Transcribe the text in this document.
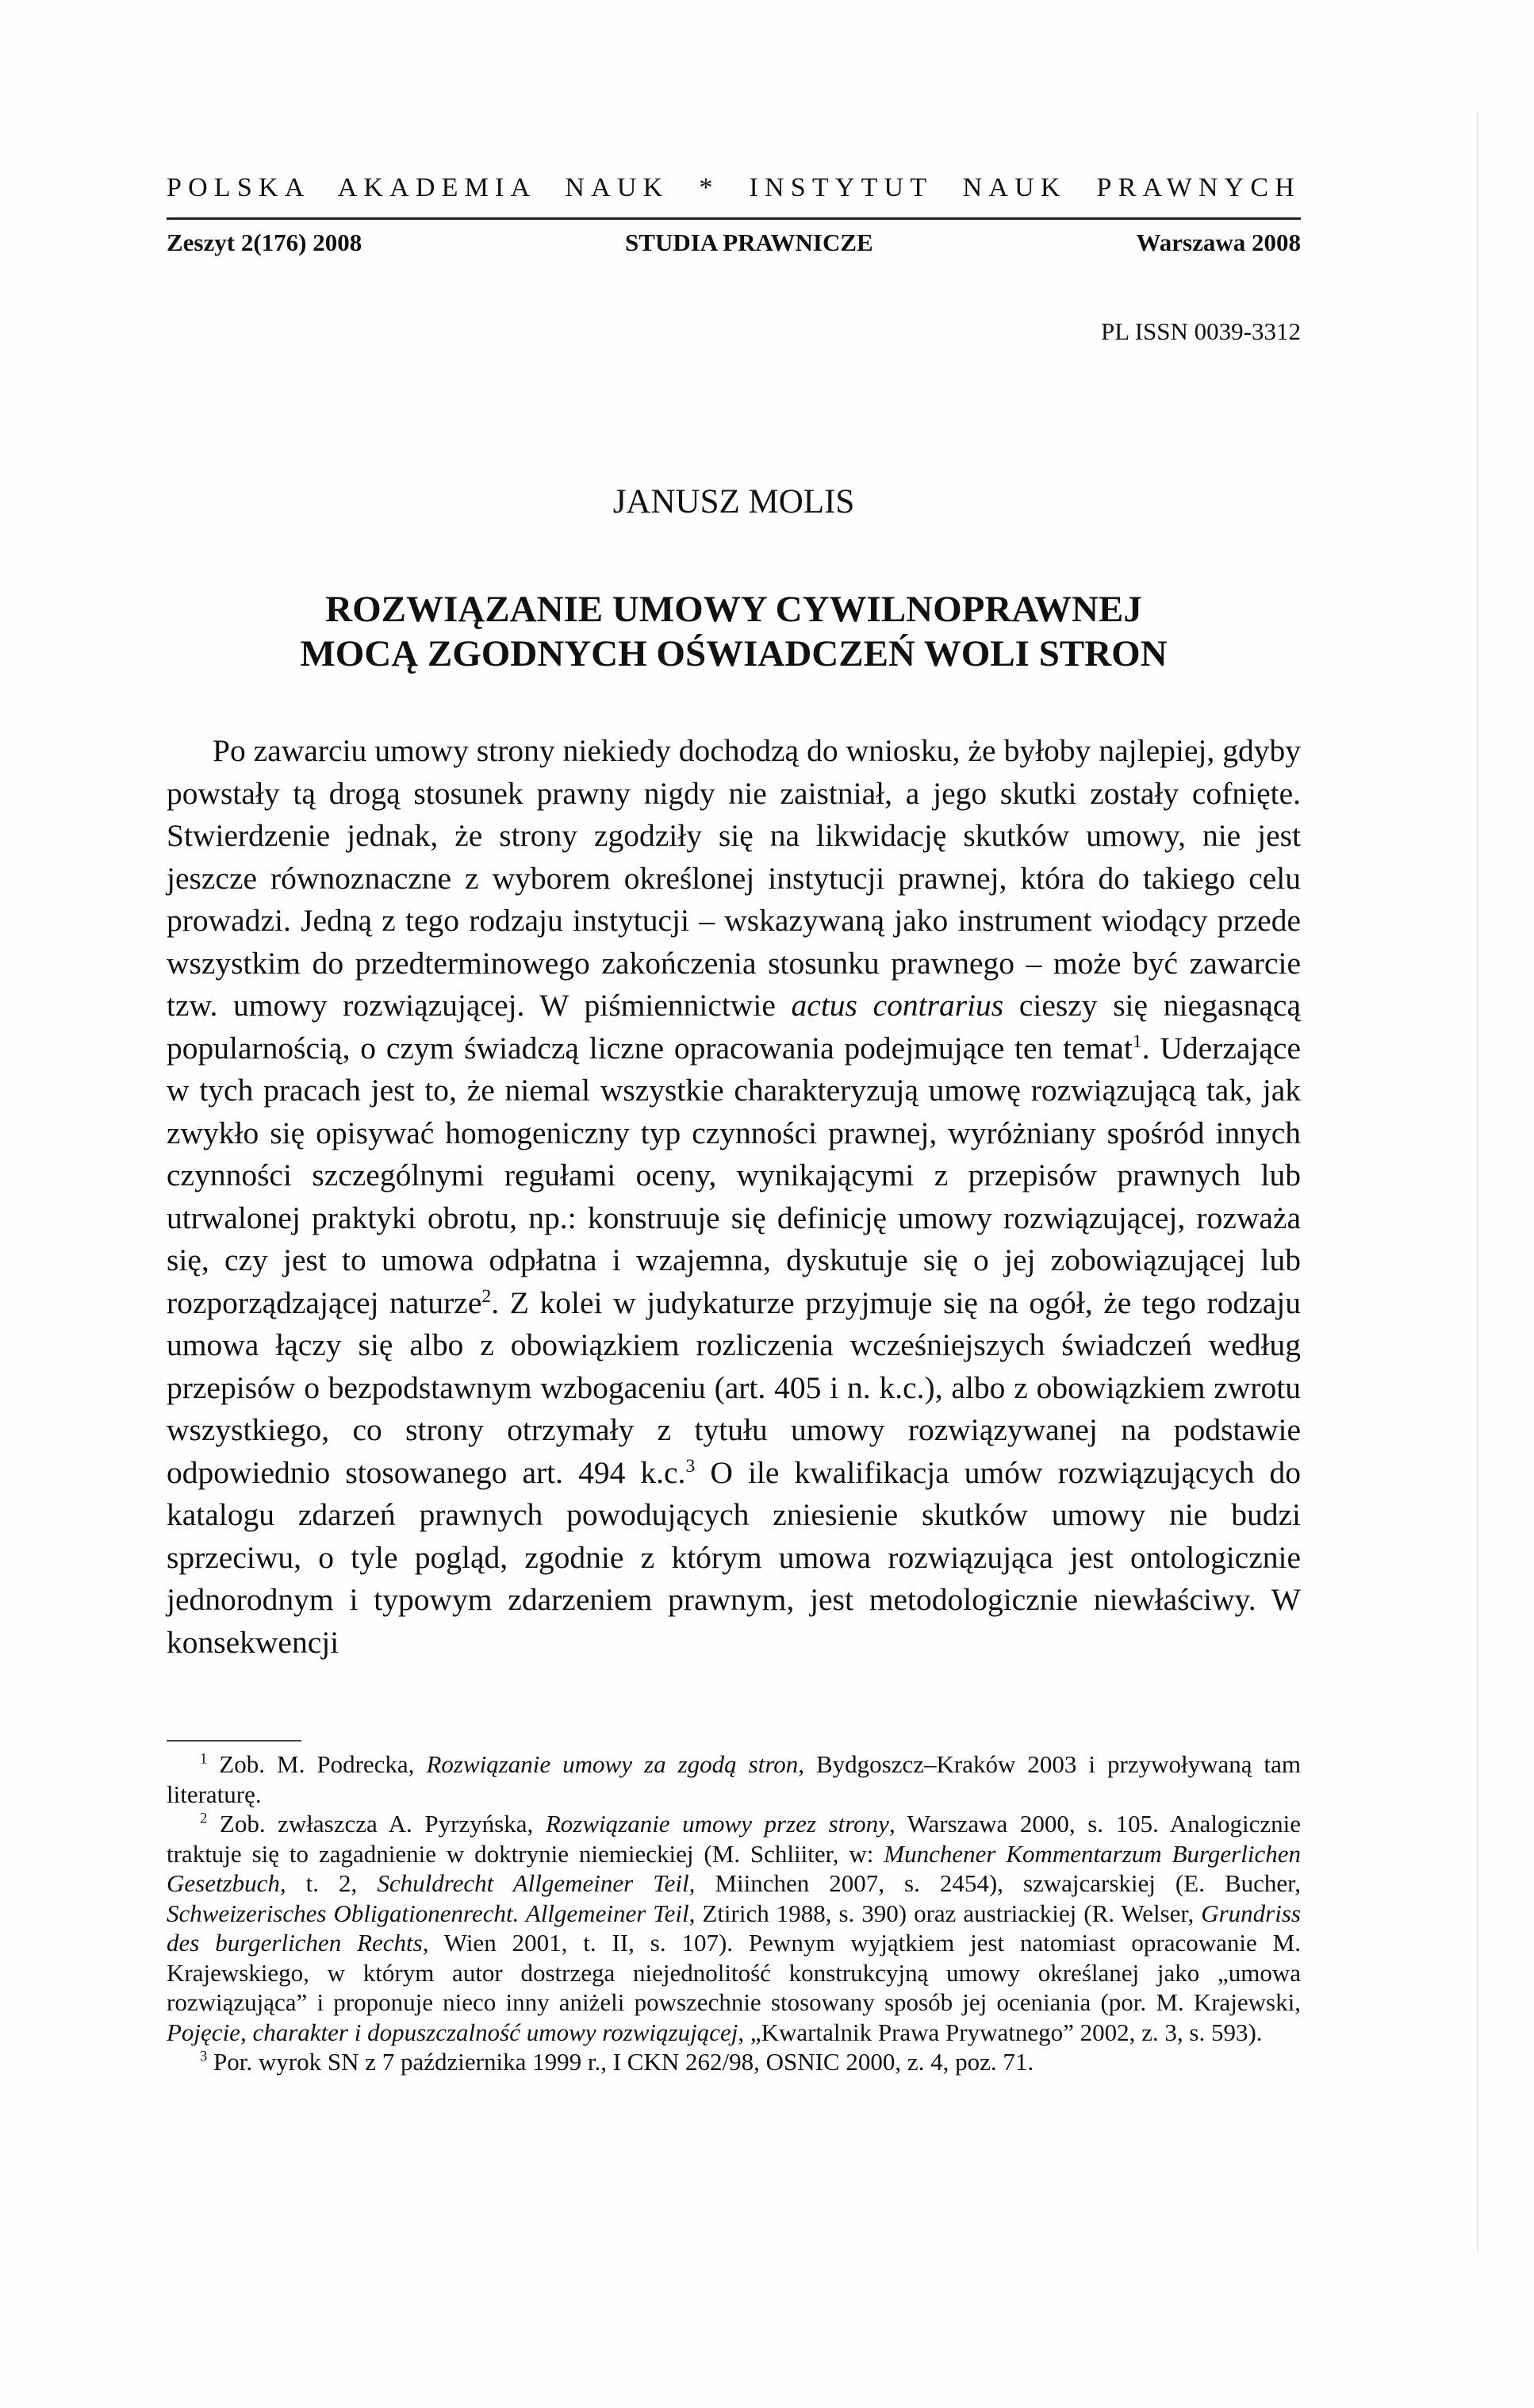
POLSKA AKADEMIA NAUK * INSTYTUT NAUK PRAWNYCH
Zeszyt 2(176) 2008	STUDIA PRAWNICZE	Warszawa 2008
PL ISSN 0039-3312
JANUSZ MOLIS
ROZWIĄZANIE UMOWY CYWILNOPRAWNEJ
MOCĄ ZGODNYCH OŚWIADCZEŃ WOLI STRON

Po zawarciu umowy strony niekiedy dochodzą do wniosku, że byłoby najlepiej, gdyby powstały tą drogą stosunek prawny nigdy nie zaistniał, a jego skutki zostały cofnięte. Stwierdzenie jednak, że strony zgodziły się na likwidację skutków umowy, nie jest jeszcze równoznaczne z wyborem określonej instytucji prawnej, która do takiego celu prowadzi. Jedną z tego rodzaju instytucji – wskazywaną jako instrument wiodący przede wszystkim do przedterminowego zakończenia stosunku prawnego – może być zawarcie tzw. umowy rozwiązującej. W piśmiennictwie actus contrarius cieszy się niegasnącą popularnością, o czym świadczą liczne opracowania podejmujące ten temat$^1$. Uderzające w tych pracach jest to, że niemal wszystkie charakteryzują umowę rozwiązującą tak, jak zwykło się opisywać homogeniczny typ czynności prawnej, wyróżniany spośród innych czynności szczególnymi regułami oceny, wynikającymi z przepisów prawnych lub utrwalonej praktyki obrotu, np.: konstruuje się definicję umowy rozwiązującej, rozważa się, czy jest to umowa odpłatna i wzajemna, dyskutuje się o jej zobowiązującej lub rozporządzającej naturze$^2$. Z kolei w judykaturze przyjmuje się na ogół, że tego rodzaju umowa łączy się albo z obowiązkiem rozliczenia wcześniejszych świadczeń według przepisów o bezpodstawnym wzbogaceniu (art. 405 i n. k.c.), albo z obowiązkiem zwrotu wszystkiego, co strony otrzymały z tytułu umowy rozwiązywanej na podstawie odpowiednio stosowanego art. 494 k.c.$^3$ O ile kwalifikacja umów rozwiązujących do katalogu zdarzeń prawnych powodujących zniesienie skutków umowy nie budzi sprzeciwu, o tyle pogląd, zgodnie z którym umowa rozwiązująca jest ontologicznie jednorodnym i typowym zdarzeniem prawnym, jest metodologicznie niewłaściwy. W konsekwencji

$^1$ Zob. M. Podrecka, Rozwiązanie umowy za zgodą stron, Bydgoszcz–Kraków 2003 i przywoływaną tam literaturę.

$^2$ Zob. zwłaszcza A. Pyrzyńska, Rozwiązanie umowy przez strony, Warszawa 2000, s. 105. Analogicznie traktuje się to zagadnienie w doktrynie niemieckiej (M. Schliiter, w: Munchener Kommentarzum Burgerlichen Gesetzbuch, t. 2, Schuldrecht Allgemeiner Teil, Miinchen 2007, s. 2454), szwajcarskiej (E. Bucher, Schweizerisches Obligationenrecht. Allgemeiner Teil, Ztirich 1988, s. 390) oraz austriackiej (R. Welser, Grundriss des burgerlichen Rechts, Wien 2001, t. II, s. 107). Pewnym wyjątkiem jest natomiast opracowanie M. Krajewskiego, w którym autor dostrzega niejednolitość konstrukcyjną umowy określanej jako „umowa rozwiązująca” i proponuje nieco inny aniżeli powszechnie stosowany sposób jej oceniania (por. M. Krajewski, Pojęcie, charakter i dopuszczalność umowy rozwiązującej, „Kwartalnik Prawa Prywatnego” 2002, z. 3, s. 593).

$^3$ Por. wyrok SN z 7 października 1999 r., I CKN 262/98, OSNIC 2000, z. 4, poz. 71.
